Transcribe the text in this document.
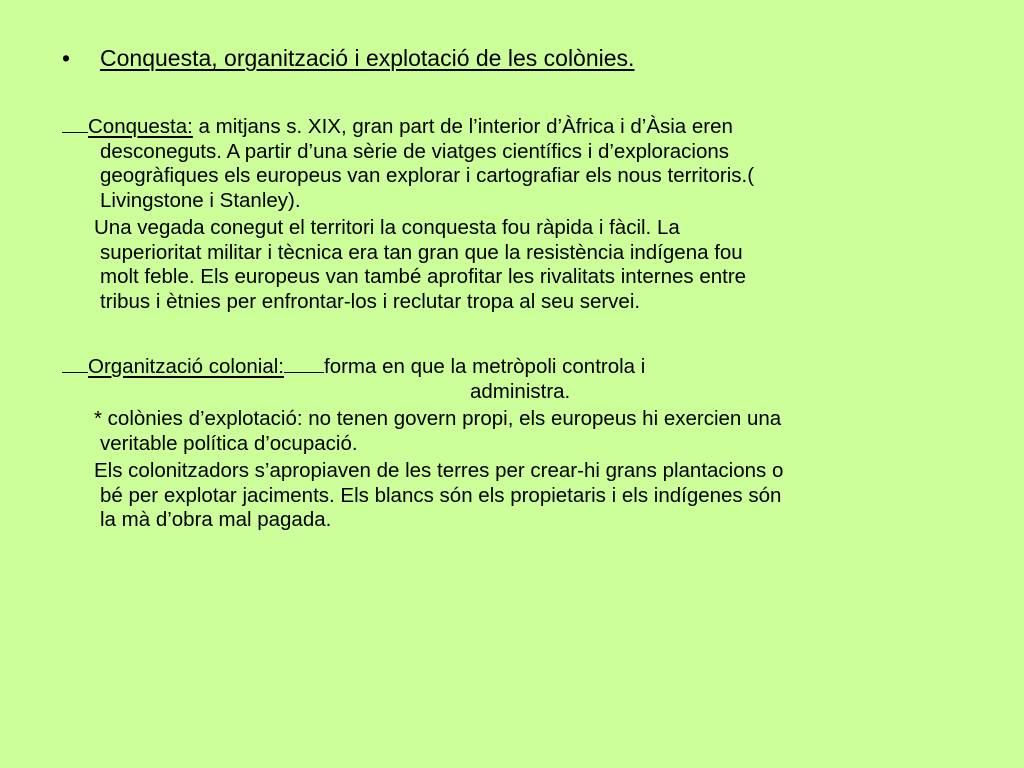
• Conquesta, organització i explotació de les colònies.
Conquesta: a mitjans s. XIX, gran part de l’interior d’Àfrica i d’Àsia eren
desconeguts. A partir d’una sèrie de viatges científics i d’exploracions
geogràfiques els europeus van explorar i cartografiar els nous territoris.(
Livingstone i Stanley).
Una vegada conegut el territori la conquesta fou ràpida i fàcil. La
superioritat militar i tècnica era tan gran que la resistència indígena fou
molt feble. Els europeus van també aprofitar les rivalitats internes entre
tribus i ètnies per enfrontar-los i reclutar tropa al seu servei.
Organització colonial: forma en que la metròpoli controla i
administra.
* colònies d’explotació: no tenen govern propi, els europeus hi exercien una
veritable política d’ocupació.
Els colonitzadors s’apropiaven de les terres per crear-hi grans plantacions o
bé per explotar jaciments. Els blancs són els propietaris i els indígenes són
la mà d’obra mal pagada.
